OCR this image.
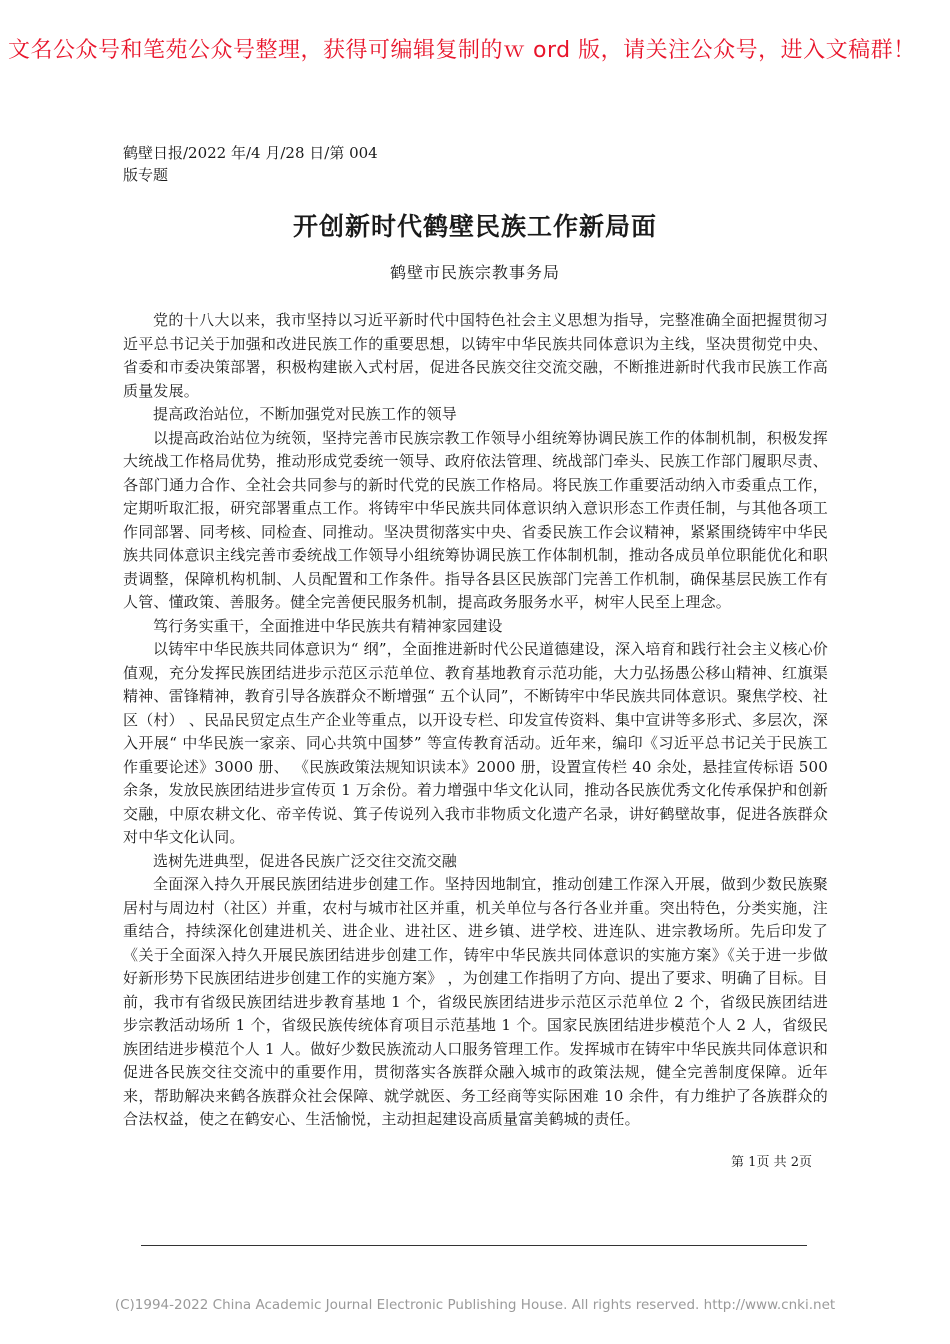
文名公众号和笔苑公众号整理，获得可编辑复制的ｗ ord 版，请关注公众号，进入文稿群！

鹤壁日报/2022 年/4 月/28 日/第 004 版专题

开创新时代鹤壁民族工作新局面

鹤壁市民族宗教事务局

党的十八大以来，我市坚持以习近平新时代中国特色社会主义思想为指导，完整准确全面把握贯彻习近平总书记关于加强和改进民族工作的重要思想，以铸牢中华民族共同体意识为主线，坚决贯彻党中央、省委和市委决策部署，积极构建嵌入式村居，促进各民族交往交流交融，不断推进新时代我市民族工作高质量发展。

提高政治站位，不断加强党对民族工作的领导

以提高政治站位为统领，坚持完善市民族宗教工作领导小组统筹协调民族工作的体制机制，积极发挥大统战工作格局优势，推动形成党委统一领导、政府依法管理、统战部门牵头、民族工作部门履职尽责、各部门通力合作、全社会共同参与的新时代党的民族工作格局。将民族工作重要活动纳入市委重点工作，定期听取汇报，研究部署重点工作。将铸牢中华民族共同体意识纳入意识形态工作责任制，与其他各项工作同部署、同考核、同检查、同推动。坚决贯彻落实中央、省委民族工作会议精神，紧紧围绕铸牢中华民族共同体意识主线完善市委统战工作领导小组统筹协调民族工作体制机制，推动各成员单位职能优化和职责调整，保障机构机制、人员配置和工作条件。指导各县区民族部门完善工作机制，确保基层民族工作有人管、懂政策、善服务。健全完善便民服务机制，提高政务服务水平，树牢人民至上理念。

笃行务实重干，全面推进中华民族共有精神家园建设

以铸牢中华民族共同体意识为“ 纲”，全面推进新时代公民道德建设，深入培育和践行社会主义核心价值观，充分发挥民族团结进步示范区示范单位、教育基地教育示范功能，大力弘扬愚公移山精神、红旗渠精神、雷锋精神，教育引导各族群众不断增强“ 五个认同”，不断铸牢中华民族共同体意识。聚焦学校、社区（村） 、民品民贸定点生产企业等重点，以开设专栏、印发宣传资料、集中宣讲等多形式、多层次，深入开展“ 中华民族一家亲、同心共筑中国梦” 等宣传教育活动。近年来，编印《习近平总书记关于民族工作重要论述》3000 册、 《民族政策法规知识读本》2000 册，设置宣传栏 40 余处，悬挂宣传标语 500 余条，发放民族团结进步宣传页 1 万余份。着力增强中华文化认同，推动各民族优秀文化传承保护和创新交融，中原农耕文化、帝辛传说、箕子传说列入我市非物质文化遗产名录，讲好鹤壁故事，促进各族群众对中华文化认同。

选树先进典型，促进各民族广泛交往交流交融

全面深入持久开展民族团结进步创建工作。坚持因地制宜，推动创建工作深入开展，做到少数民族聚居村与周边村（社区）并重，农村与城市社区并重，机关单位与各行各业并重。突出特色，分类实施，注重结合，持续深化创建进机关、进企业、进社区、进乡镇、进学校、进连队、进宗教场所。先后印发了《关于全面深入持久开展民族团结进步创建工作，铸牢中华民族共同体意识的实施方案》《关于进一步做好新形势下民族团结进步创建工作的实施方案》 ，为创建工作指明了方向、提出了要求、明确了目标。目前，我市有省级民族团结进步教育基地 1 个，省级民族团结进步示范区示范单位 2 个，省级民族团结进步宗教活动场所 1 个，省级民族传统体育项目示范基地 1 个。国家民族团结进步模范个人 2 人，省级民族团结进步模范个人 1 人。做好少数民族流动人口服务管理工作。发挥城市在铸牢中华民族共同体意识和促进各民族交往交流中的重要作用，贯彻落实各族群众融入城市的政策法规，健全完善制度保障。近年来，帮助解决来鹤各族群众社会保障、就学就医、务工经商等实际困难 10 余件，有力维护了各族群众的合法权益，使之在鹤安心、生活愉悦，主动担起建设高质量富美鹤城的责任。

第 1页 共 2页

(C)1994-2022 China Academic Journal Electronic Publishing House. All rights reserved. http://www.cnki.net
